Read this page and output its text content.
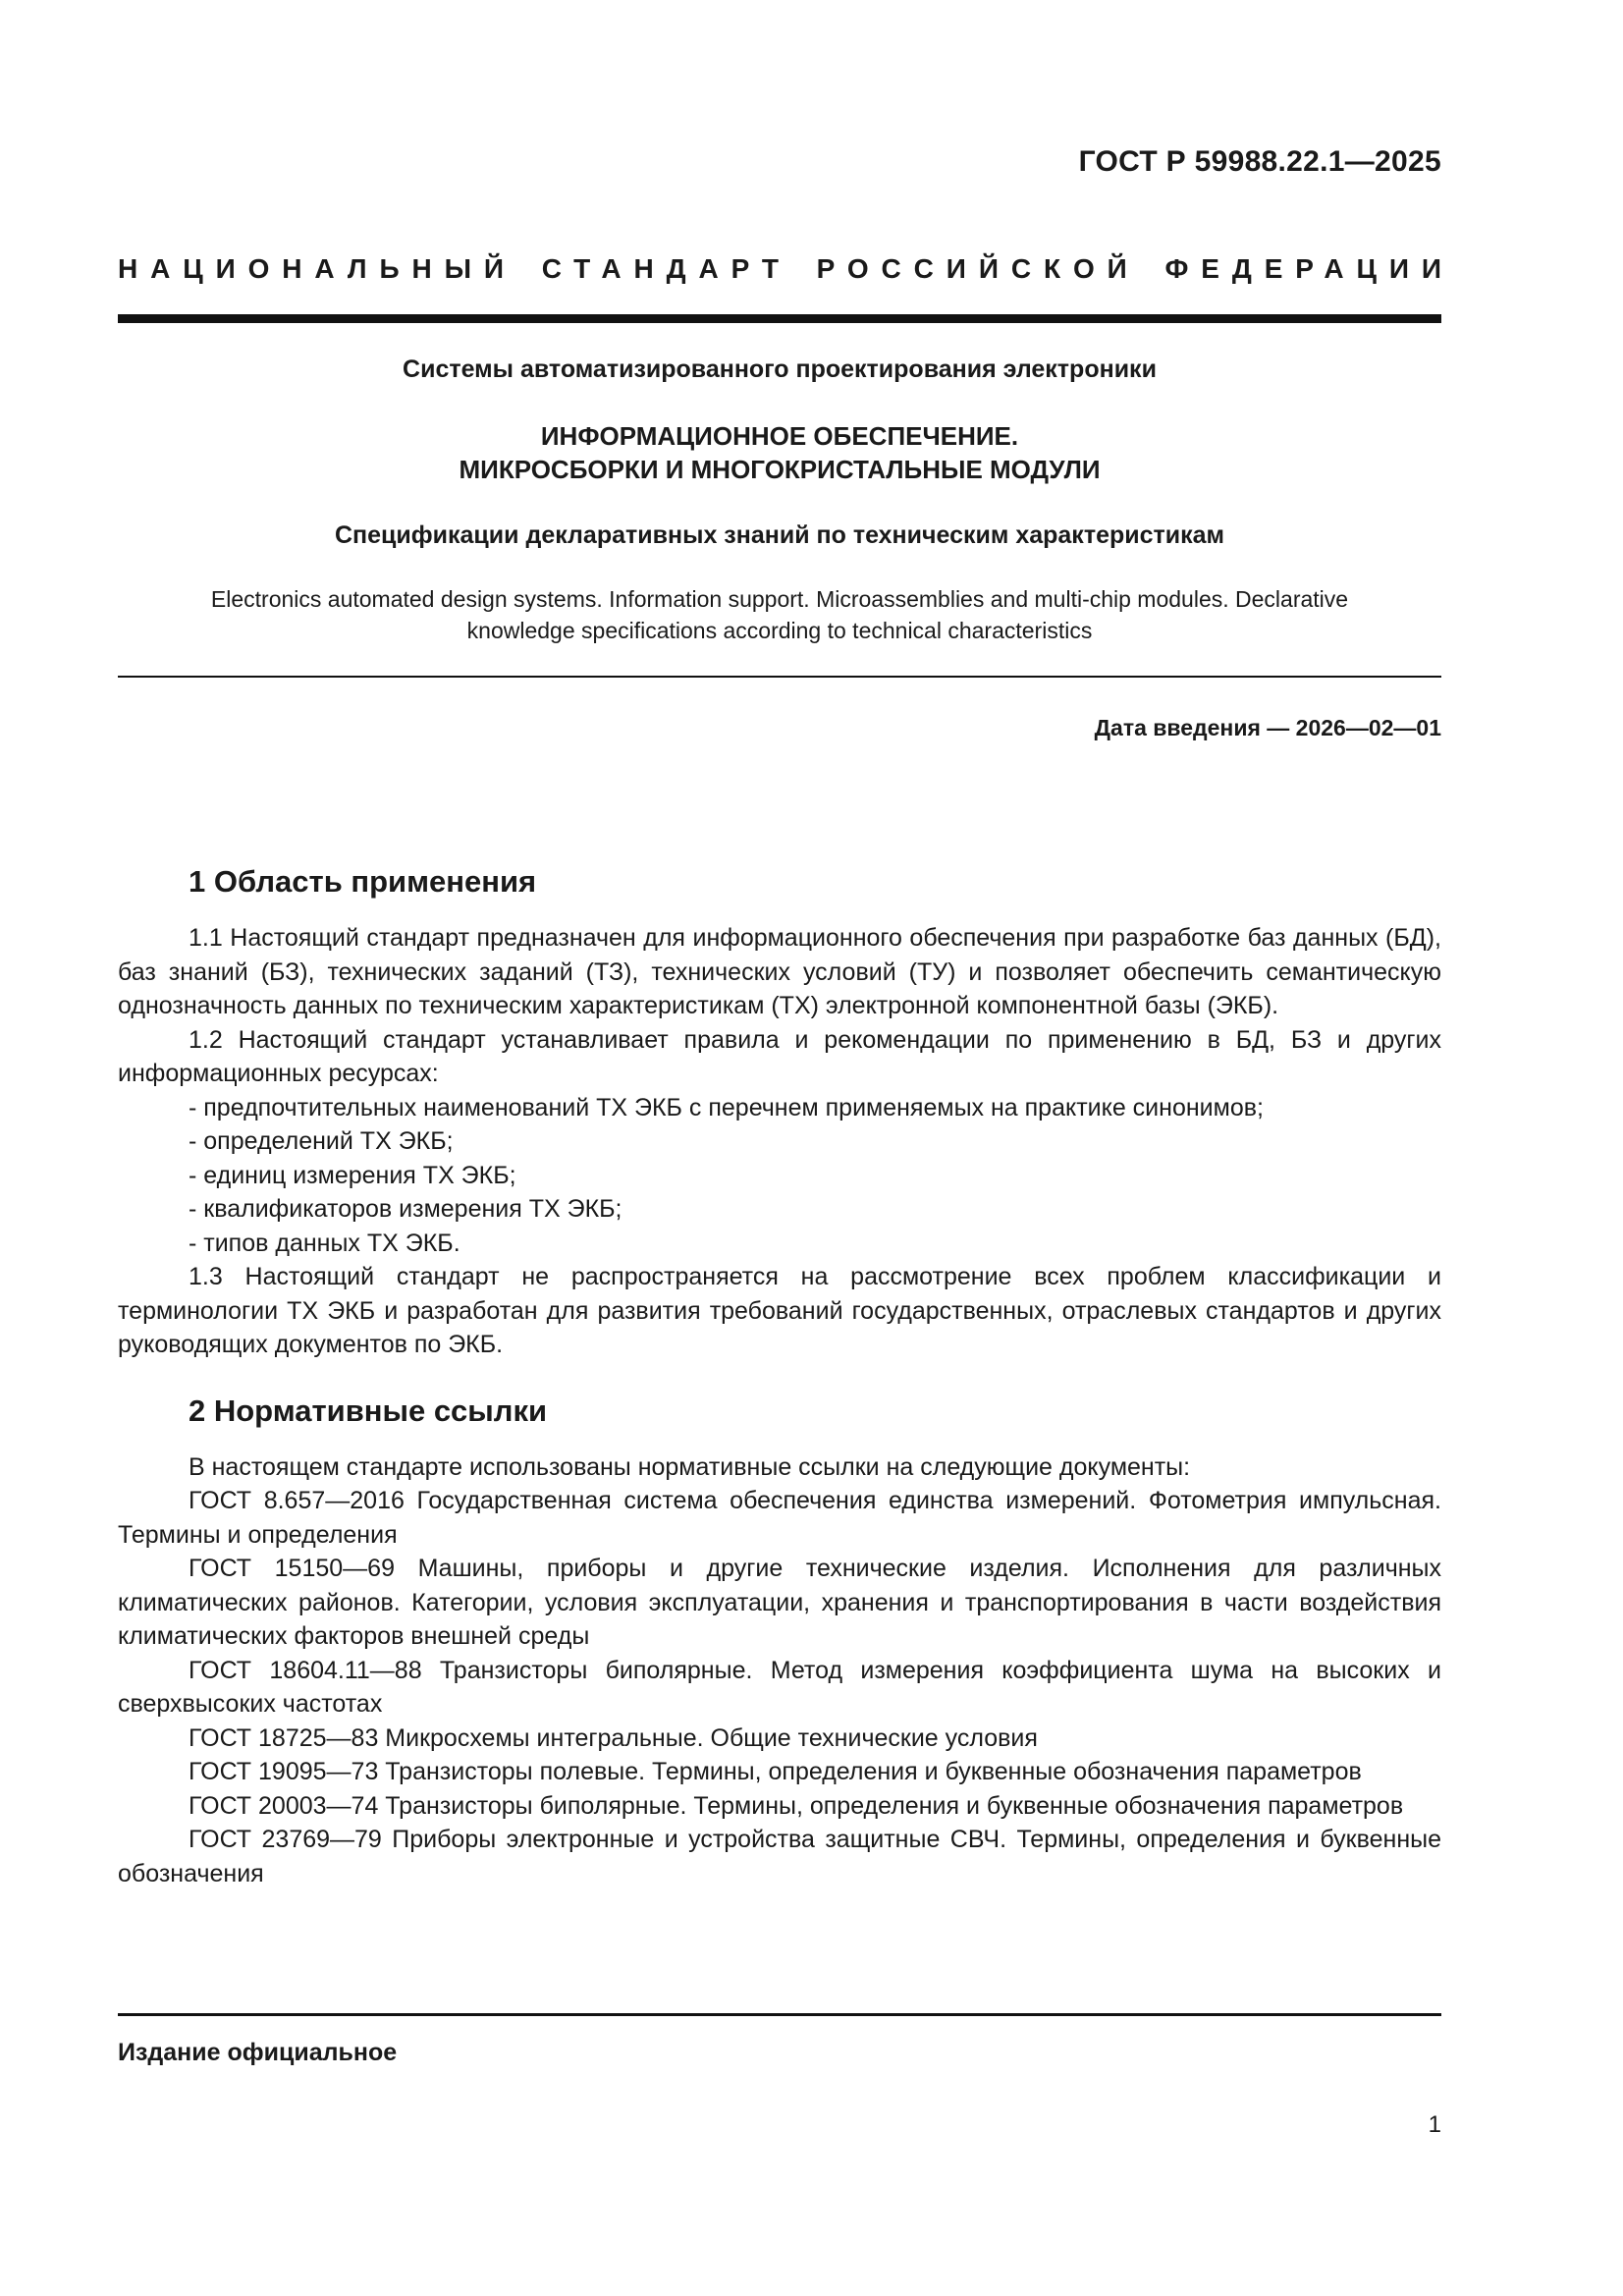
ГОСТ Р 59988.22.1—2025
НАЦИОНАЛЬНЫЙ СТАНДАРТ РОССИЙСКОЙ ФЕДЕРАЦИИ

Системы автоматизированного проектирования электроники

ИНФОРМАЦИОННОЕ ОБЕСПЕЧЕНИЕ.
МИКРОСБОРКИ И МНОГОКРИСТАЛЬНЫЕ МОДУЛИ

Спецификации декларативных знаний по техническим характеристикам

Electronics automated design systems. Information support. Microassemblies and multi-chip modules. Declarative
knowledge specifications according to technical characteristics

Дата введения — 2026—02—01
1 Область применения

1.1 Настоящий стандарт предназначен для информационного обеспечения при разработке баз данных (БД), баз знаний (БЗ), технических заданий (ТЗ), технических условий (ТУ) и позволяет обеспечить семантическую однозначность данных по техническим характеристикам (ТХ) электронной компонентной базы (ЭКБ).

1.2 Настоящий стандарт устанавливает правила и рекомендации по применению в БД, БЗ и других информационных ресурсах:

- предпочтительных наименований ТХ ЭКБ с перечнем применяемых на практике синонимов;
- определений ТХ ЭКБ;
- единиц измерения ТХ ЭКБ;
- квалификаторов измерения ТХ ЭКБ;
- типов данных ТХ ЭКБ.

1.3 Настоящий стандарт не распространяется на рассмотрение всех проблем классификации и терминологии ТХ ЭКБ и разработан для развития требований государственных, отраслевых стандартов и других руководящих документов по ЭКБ.

2 Нормативные ссылки

В настоящем стандарте использованы нормативные ссылки на следующие документы:

ГОСТ 8.657—2016 Государственная система обеспечения единства измерений. Фотометрия импульсная. Термины и определения

ГОСТ 15150—69 Машины, приборы и другие технические изделия. Исполнения для различных климатических районов. Категории, условия эксплуатации, хранения и транспортирования в части воздействия климатических факторов внешней среды

ГОСТ 18604.11—88 Транзисторы биполярные. Метод измерения коэффициента шума на высоких и сверхвысоких частотах

ГОСТ 18725—83 Микросхемы интегральные. Общие технические условия

ГОСТ 19095—73 Транзисторы полевые. Термины, определения и буквенные обозначения параметров

ГОСТ 20003—74 Транзисторы биполярные. Термины, определения и буквенные обозначения параметров

ГОСТ 23769—79 Приборы электронные и устройства защитные СВЧ. Термины, определения и буквенные обозначения

Издание официальное
1
